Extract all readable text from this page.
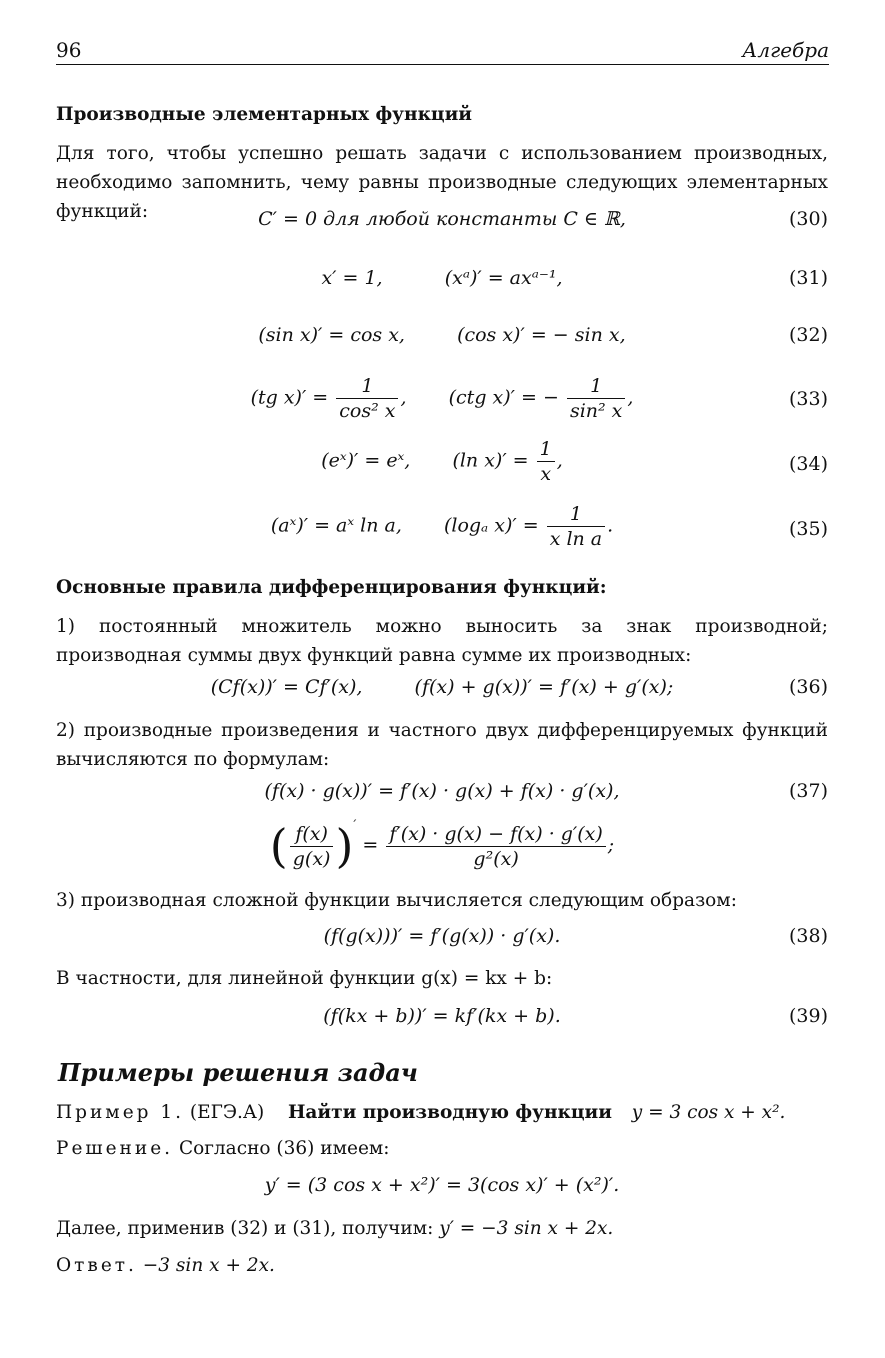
96	Алгебра
Производные элементарных функций
Для того, чтобы успешно решать задачи с использованием производных, необходимо запомнить, чему равны производные следующих элементарных функций:	C′ = 0 для любой константы C ∈ ℝ,	(30)
x′ = 1,	(xᵃ)′ = axᵃ⁻¹,	(31)
(sin x)′ = cos x,	(cos x)′ = − sin x,	(32)
(tg $x)' = \frac{1}{\text{cos² x}}$ , (ctg x)′ = − $\frac{1}{\text{sin² x}}$ ,	(33)
(eˣ)′ = eˣ, (ln $x)' = \frac{1}{x}$ ,	(34)
(aˣ)′ = aˣ ln a, (logₐ $x)' = \frac{1}{\text{x ln a}}$ .	(35)
Основные правила дифференцирования функций:
1) постоянный множитель можно выносить за знак производной; производная суммы двух функций равна сумме их производных:
(Cf(x))′ = Cf′(x),	(f(x) + g(x))′ = f′(x) + g′(x);	(36)
2) производные произведения и частного двух дифференцируемых функций вычисляются по формулам:
(f(x) · g(x))′ = f′(x) · g(x) + f(x) · g′(x),	(37)
( $\frac{f(x)}{g(x)} )' = \frac{f'(x) \cdot g(x) - f(x) \cdot g'(x)}{\text{g²(x)}}$ ;
3) производная сложной функции вычисляется следующим образом:
(f(g(x)))′ = f′(g(x)) · g′(x).	(38)
В частности, для линейной функции g(x) = kx + b:
(f(kx + b))′ = kf′(kx + b).	(39)
Примеры решения задач
Пример 1. (ЕГЭ.А) Найти производную функции y = 3 cos x + x².
Решение. Согласно (36) имеем:
y′ = (3 cos x + x²)′ = 3(cos x)′ + (x²)′.
Далее, применив (32) и (31), получим: y′ = −3 sin x + 2x.
Ответ. −3 sin x + 2x.
